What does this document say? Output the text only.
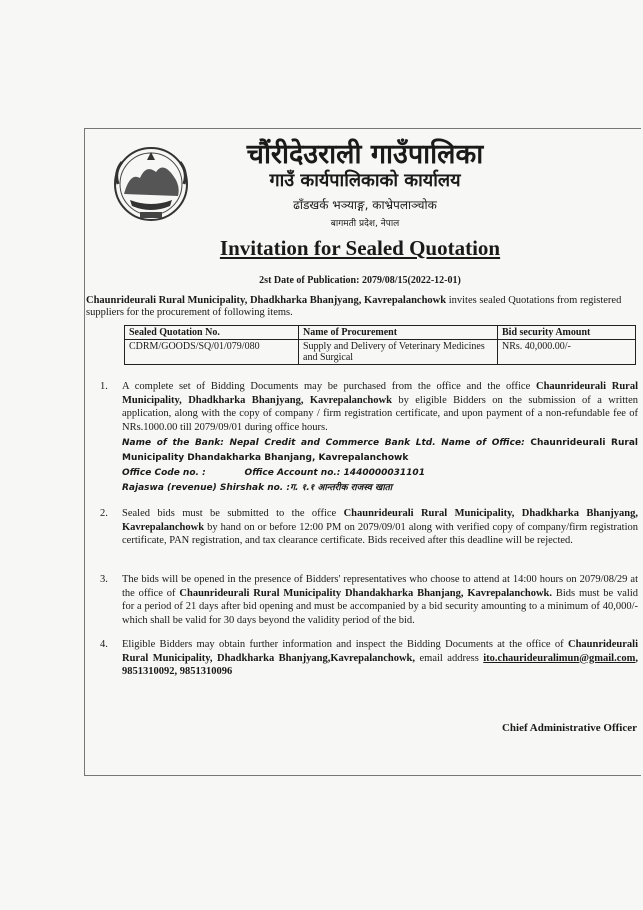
चौंरीदेउराली गाउँपालिका
गाउँ कार्यपालिकाको कार्यालय
ढाँडखर्क भञ्याङ्ग, काभ्रेपलाञ्चोक
बागमती प्रदेश, नेपाल
Invitation for Sealed Quotation
2st Date of Publication: 2079/08/15(2022-12-01)
Chaunrideurali Rural Municipality, Dhadkharka Bhanjyang, Kavrepalanchowk invites sealed Quotations from registered suppliers for the procurement of following items.
Sealed Quotation No.	Name of Procurement	Bid security Amount
CDRM/GOODS/SQ/01/079/080	Supply and Delivery of Veterinary Medicines and Surgical	NRs. 40,000.00/-
1. A complete set of Bidding Documents may be purchased from the office and the office Chaunrideurali Rural Municipality, Dhadkharka Bhanjyang, Kavrepalanchowk by eligible Bidders on the submission of a written application, along with the copy of company / firm registration certificate, and upon payment of a non-refundable fee of NRs.1000.00 till 2079/09/01 during office hours.
Name of the Bank: Nepal Credit and Commerce Bank Ltd. Name of Office: Chaunrideurali Rural Municipality Dhandakharka Bhanjang, Kavrepalanchowk
Office Code no. :	Office Account no.: 1440000031101
Rajaswa (revenue) Shirshak no. :ग. १.१ आन्तरीक राजस्व खाता
2. Sealed bids must be submitted to the office Chaunrideurali Rural Municipality, Dhadkharka Bhanjyang, Kavrepalanchowk by hand on or before 12:00 PM on 2079/09/01 along with verified copy of company/firm registration certificate, PAN registration, and tax clearance certificate. Bids received after this deadline will be rejected.
3. The bids will be opened in the presence of Bidders' representatives who choose to attend at 14:00 hours on 2079/08/29 at the office of Chaunrideurali Rural Municipality Dhandakharka Bhanjang, Kavrepalanchowk. Bids must be valid for a period of 21 days after bid opening and must be accompanied by a bid security amounting to a minimum of 40,000/- which shall be valid for 30 days beyond the validity period of the bid.
4. Eligible Bidders may obtain further information and inspect the Bidding Documents at the office of Chaunrideurali Rural Municipality, Dhadkharka Bhanjyang,Kavrepalanchowk, email address ito.chaurideuralimun@gmail.com, 9851310092, 9851310096
Chief Administrative Officer
